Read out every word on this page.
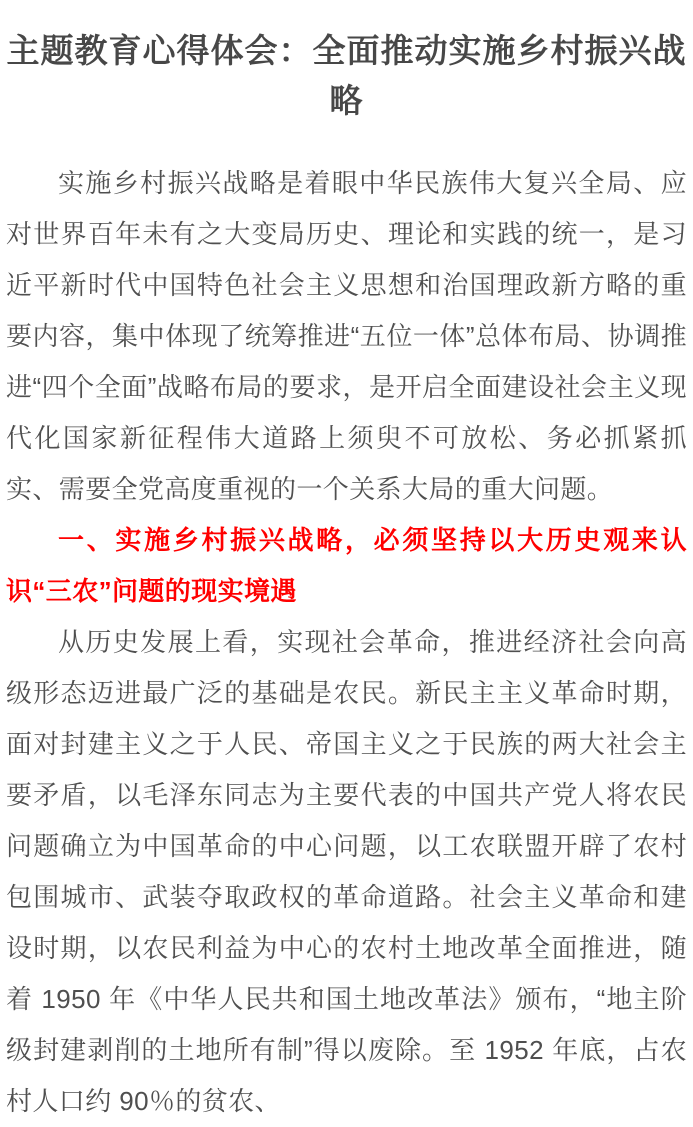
主题教育心得体会：全面推动实施乡村振兴战略

实施乡村振兴战略是着眼中华民族伟大复兴全局、应对世界百年未有之大变局历史、理论和实践的统一，是习近平新时代中国特色社会主义思想和治国理政新方略的重要内容，集中体现了统筹推进“五位一体”总体布局、协调推进“四个全面”战略布局的要求，是开启全面建设社会主义现代化国家新征程伟大道路上须臾不可放松、务必抓紧抓实、需要全党高度重视的一个关系大局的重大问题。

一、实施乡村振兴战略，必须坚持以大历史观来认识“三农”问题的现实境遇

从历史发展上看，实现社会革命，推进经济社会向高级形态迈进最广泛的基础是农民。新民主主义革命时期，面对封建主义之于人民、帝国主义之于民族的两大社会主要矛盾，以毛泽东同志为主要代表的中国共产党人将农民问题确立为中国革命的中心问题，以工农联盟开辟了农村包围城市、武装夺取政权的革命道路。社会主义革命和建设时期，以农民利益为中心的农村土地改革全面推进，随着 1950 年《中华人民共和国土地改革法》颁布，“地主阶级封建剥削的土地所有制”得以废除。至 1952 年底，占农村人口约 90％的贫农、
